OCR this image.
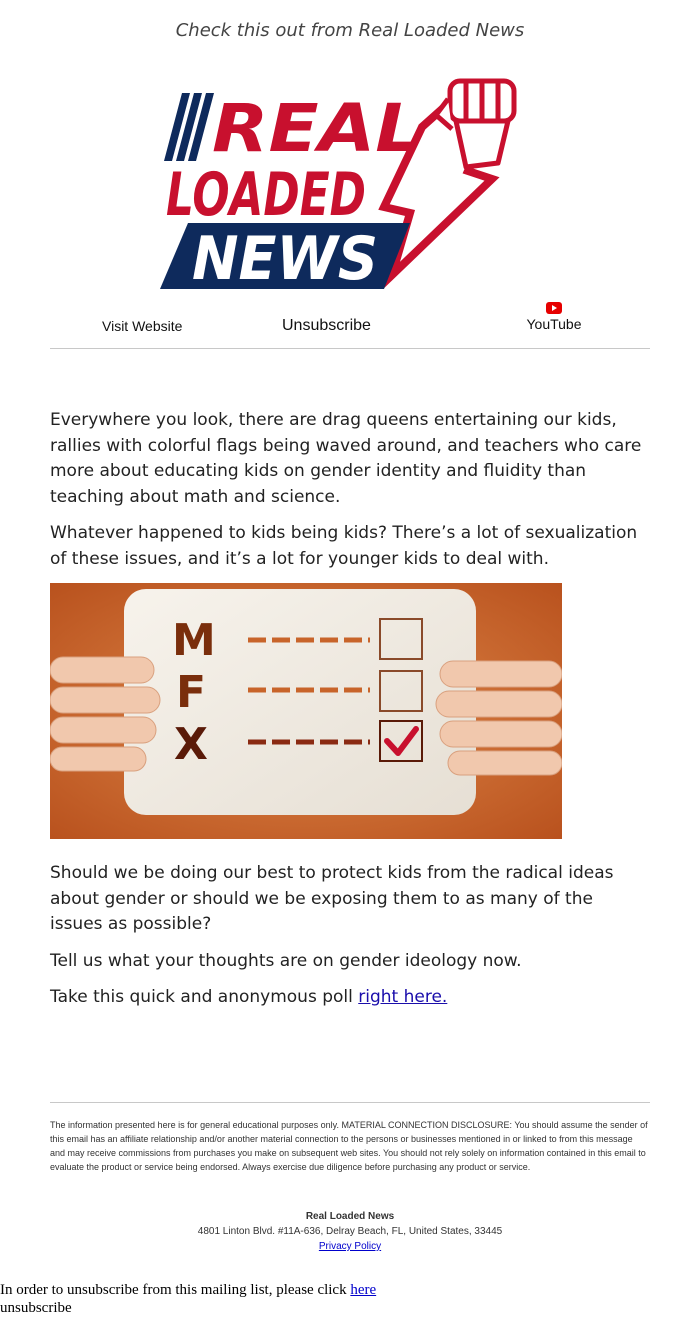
Check this out from Real Loaded News
REAL
LOADED
NEWS
Visit Website	Unsubscribe	YouTube

Everywhere you look, there are drag queens entertaining our kids, rallies with colorful flags being waved around, and teachers who care more about educating kids on gender identity and fluidity than teaching about math and science.

Whatever happened to kids being kids? There’s a lot of sexualization of these issues, and it’s a lot for younger kids to deal with.

M
F
X

Should we be doing our best to protect kids from the radical ideas about gender or should we be exposing them to as many of the issues as possible?

Tell us what your thoughts are on gender ideology now.

Take this quick and anonymous poll right here.

The information presented here is for general educational purposes only. MATERIAL CONNECTION DISCLOSURE: You should assume the sender of this email has an affiliate relationship and/or another material connection to the persons or businesses mentioned in or linked to from this message and may receive commissions from purchases you make on subsequent web sites. You should not rely solely on information contained in this email to evaluate the product or service being endorsed. Always exercise due diligence before purchasing any product or service.
Real Loaded News
4801 Linton Blvd. #11A-636, Delray Beach, FL, United States, 33445
Privacy Policy
In order to unsubscribe from this mailing list, please click here
unsubscribe
